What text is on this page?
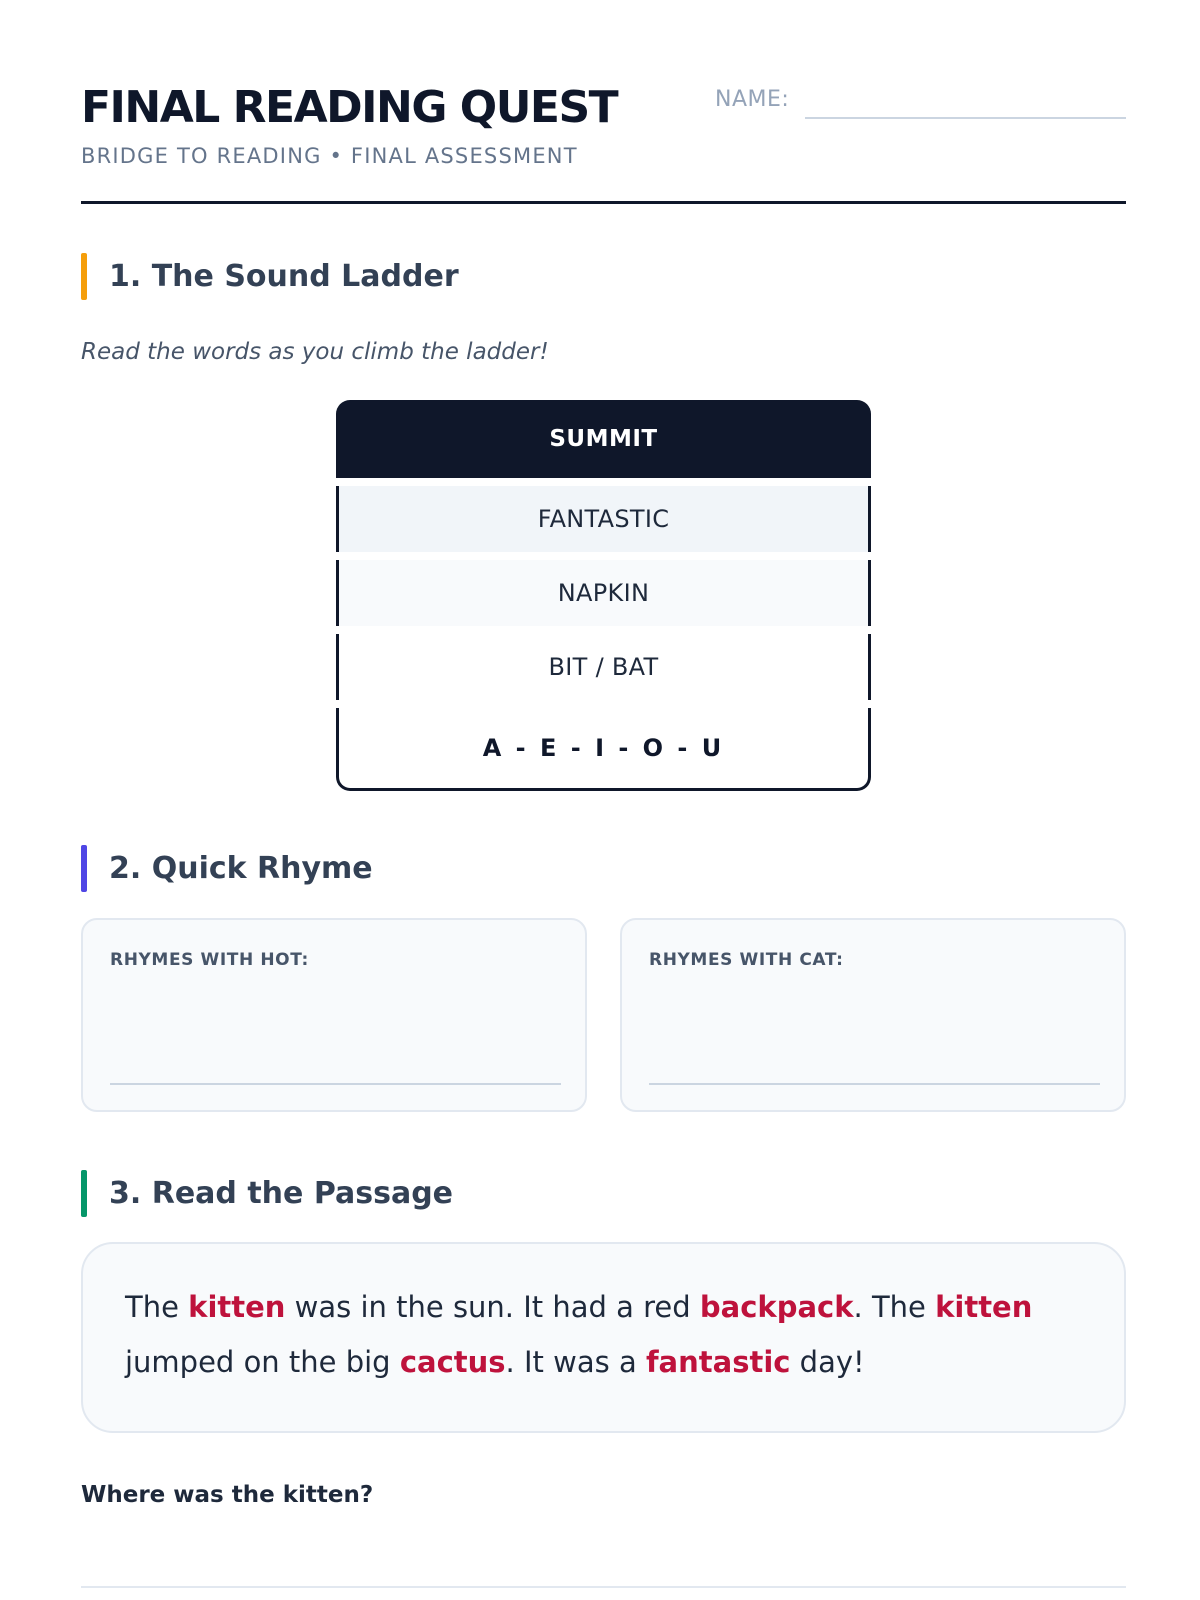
FINAL READING QUEST
BRIDGE TO READING • FINAL ASSESSMENT
NAME:
1. The Sound Ladder
Read the words as you climb the ladder!
SUMMIT
FANTASTIC
NAPKIN
BIT / BAT
A - E - I - O - U
2. Quick Rhyme
RHYMES WITH HOT:	RHYMES WITH CAT:
3. Read the Passage

The kitten was in the sun. It had a red backpack. The kitten jumped on the big cactus. It was a fantastic day!

Where was the kitten?
